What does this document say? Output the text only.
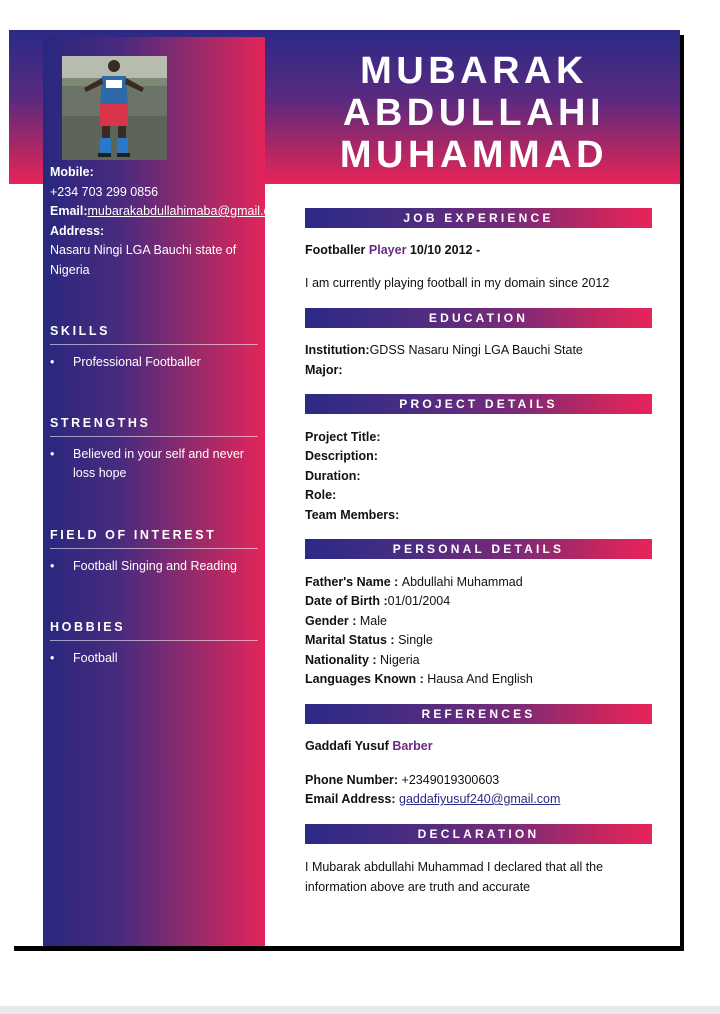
MUBARAK
ABDULLAHI
MUHAMMAD
Mobile:
+234 703 299 0856
Email:mubarakabdullahimaba@gmail.com
Address:
Nasaru Ningi LGA Bauchi state of Nigeria
SKILLS
• Professional Footballer
STRENGTHS
• Believed in your self and never loss hope
FIELD OF INTEREST
• Football Singing and Reading
HOBBIES
• Football
JOB EXPERIENCE
Footballer Player 10/10 2012 -
I am currently playing football in my domain since 2012
EDUCATION
Institution:GDSS Nasaru Ningi LGA Bauchi State
Major:
PROJECT DETAILS
Project Title:
Description:
Duration:
Role:
Team Members:
PERSONAL DETAILS
Father's Name : Abdullahi Muhammad
Date of Birth :01/01/2004
Gender : Male
Marital Status : Single
Nationality : Nigeria
Languages Known : Hausa And English
REFERENCES
Gaddafi Yusuf Barber
Phone Number: +2349019300603
Email Address: gaddafiyusuf240@gmail.com
DECLARATION
I Mubarak abdullahi Muhammad I declared that all the information above are truth and accurate
